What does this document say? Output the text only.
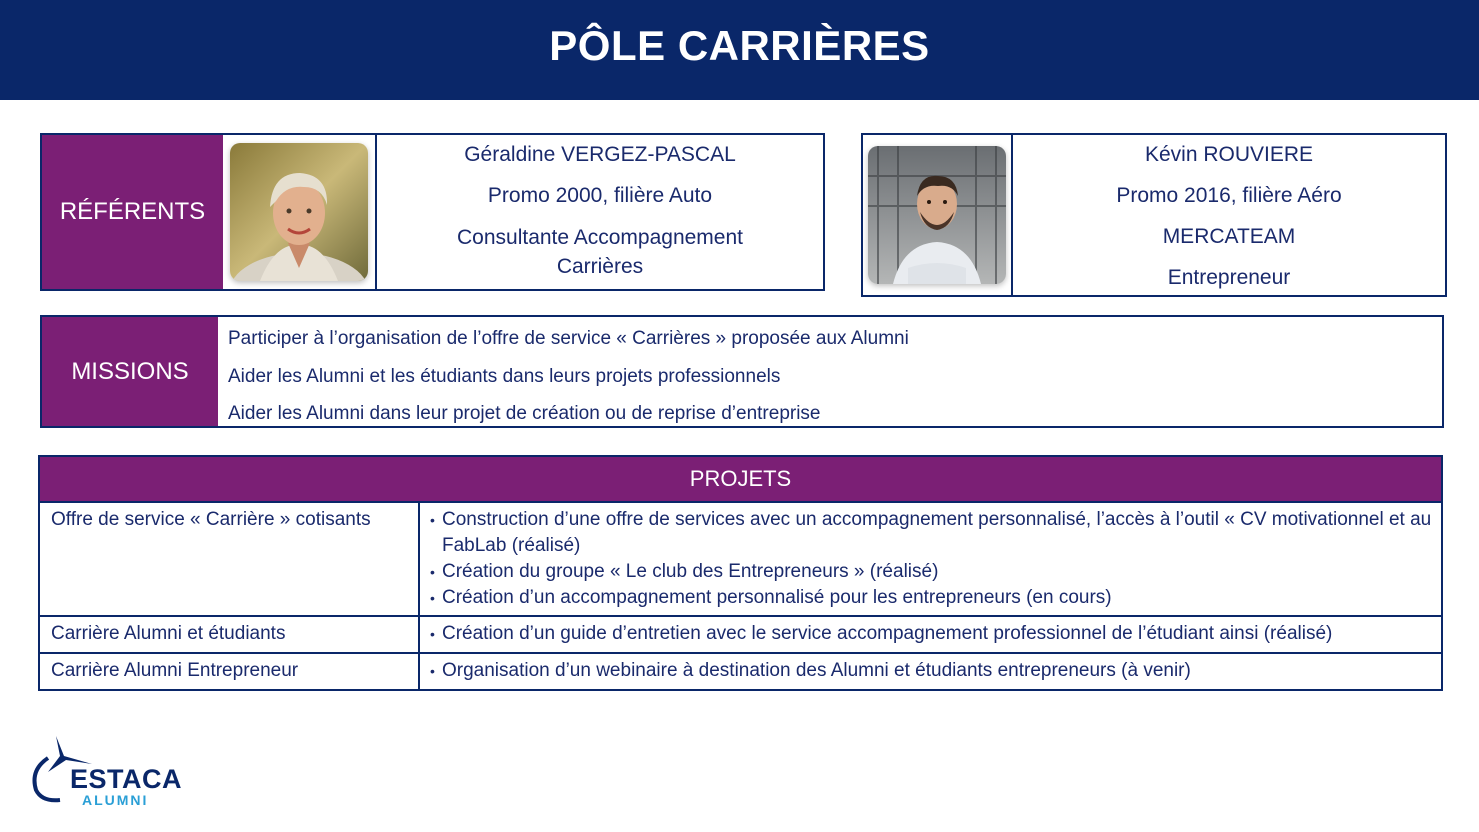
PÔLE CARRIÈRES
RÉFÉRENTS
Géraldine VERGEZ-PASCAL
Promo 2000, filière Auto
Consultante Accompagnement Carrières
Kévin ROUVIERE
Promo 2016, filière Aéro
MERCATEAM
Entrepreneur
MISSIONS
Participer à l’organisation de l’offre de service « Carrières » proposée aux Alumni
Aider les Alumni et les étudiants dans leurs projets professionnels
Aider les Alumni dans leur projet de création ou de reprise d’entreprise
PROJETS
Offre de service « Carrière » cotisants	• Construction d’une offre de services avec un accompagnement personnalisé, l’accès à l’outil « CV motivationnel et au FabLab (réalisé)
• Création du groupe « Le club des Entrepreneurs » (réalisé)
• Création d’un accompagnement personnalisé pour les entrepreneurs (en cours)
Carrière Alumni et étudiants	• Création d’un guide d’entretien avec le service accompagnement professionnel de l’étudiant ainsi (réalisé)
Carrière Alumni Entrepreneur	• Organisation d’un webinaire à destination des Alumni et étudiants entrepreneurs (à venir)
ESTACA
ALUMNI
